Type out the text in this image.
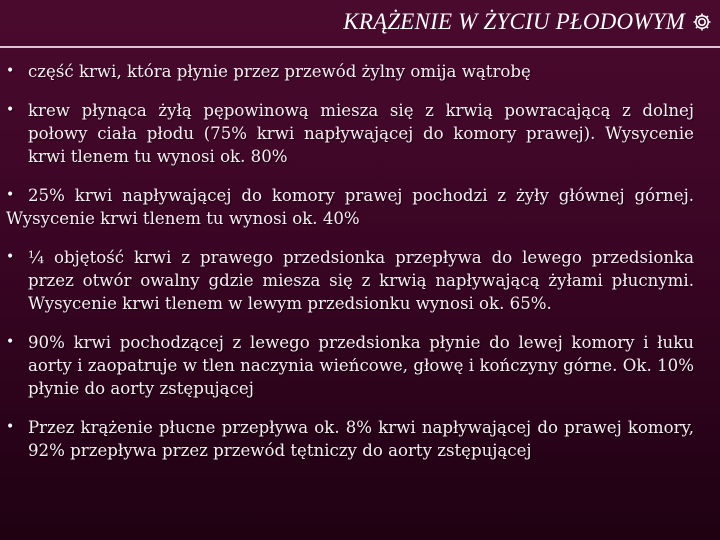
KRĄŻENIE W ŻYCIU PŁODOWYM
• część krwi, która płynie przez przewód żylny omija wątrobę
• krew płynąca żyłą pępowinową miesza się z krwią powracającą z dolnej połowy ciała płodu (75% krwi napływającej do komory prawej). Wysycenie krwi tlenem tu wynosi ok. 80%
• 25% krwi napływającej do komory prawej pochodzi z żyły głównej górnej. Wysycenie krwi tlenem tu wynosi ok. 40%
• ¼ objętość krwi z prawego przedsionka przepływa do lewego przedsionka przez otwór owalny gdzie miesza się z krwią napływającą żyłami płucnymi. Wysycenie krwi tlenem w lewym przedsionku wynosi ok. 65%.
• 90% krwi pochodzącej z lewego przedsionka płynie do lewej komory i łuku aorty i zaopatruje w tlen naczynia wieńcowe, głowę i kończyny górne. Ok. 10% płynie do aorty zstępującej
• Przez krążenie płucne przepływa ok. 8% krwi napływającej do prawej komory, 92% przepływa przez przewód tętniczy do aorty zstępującej
